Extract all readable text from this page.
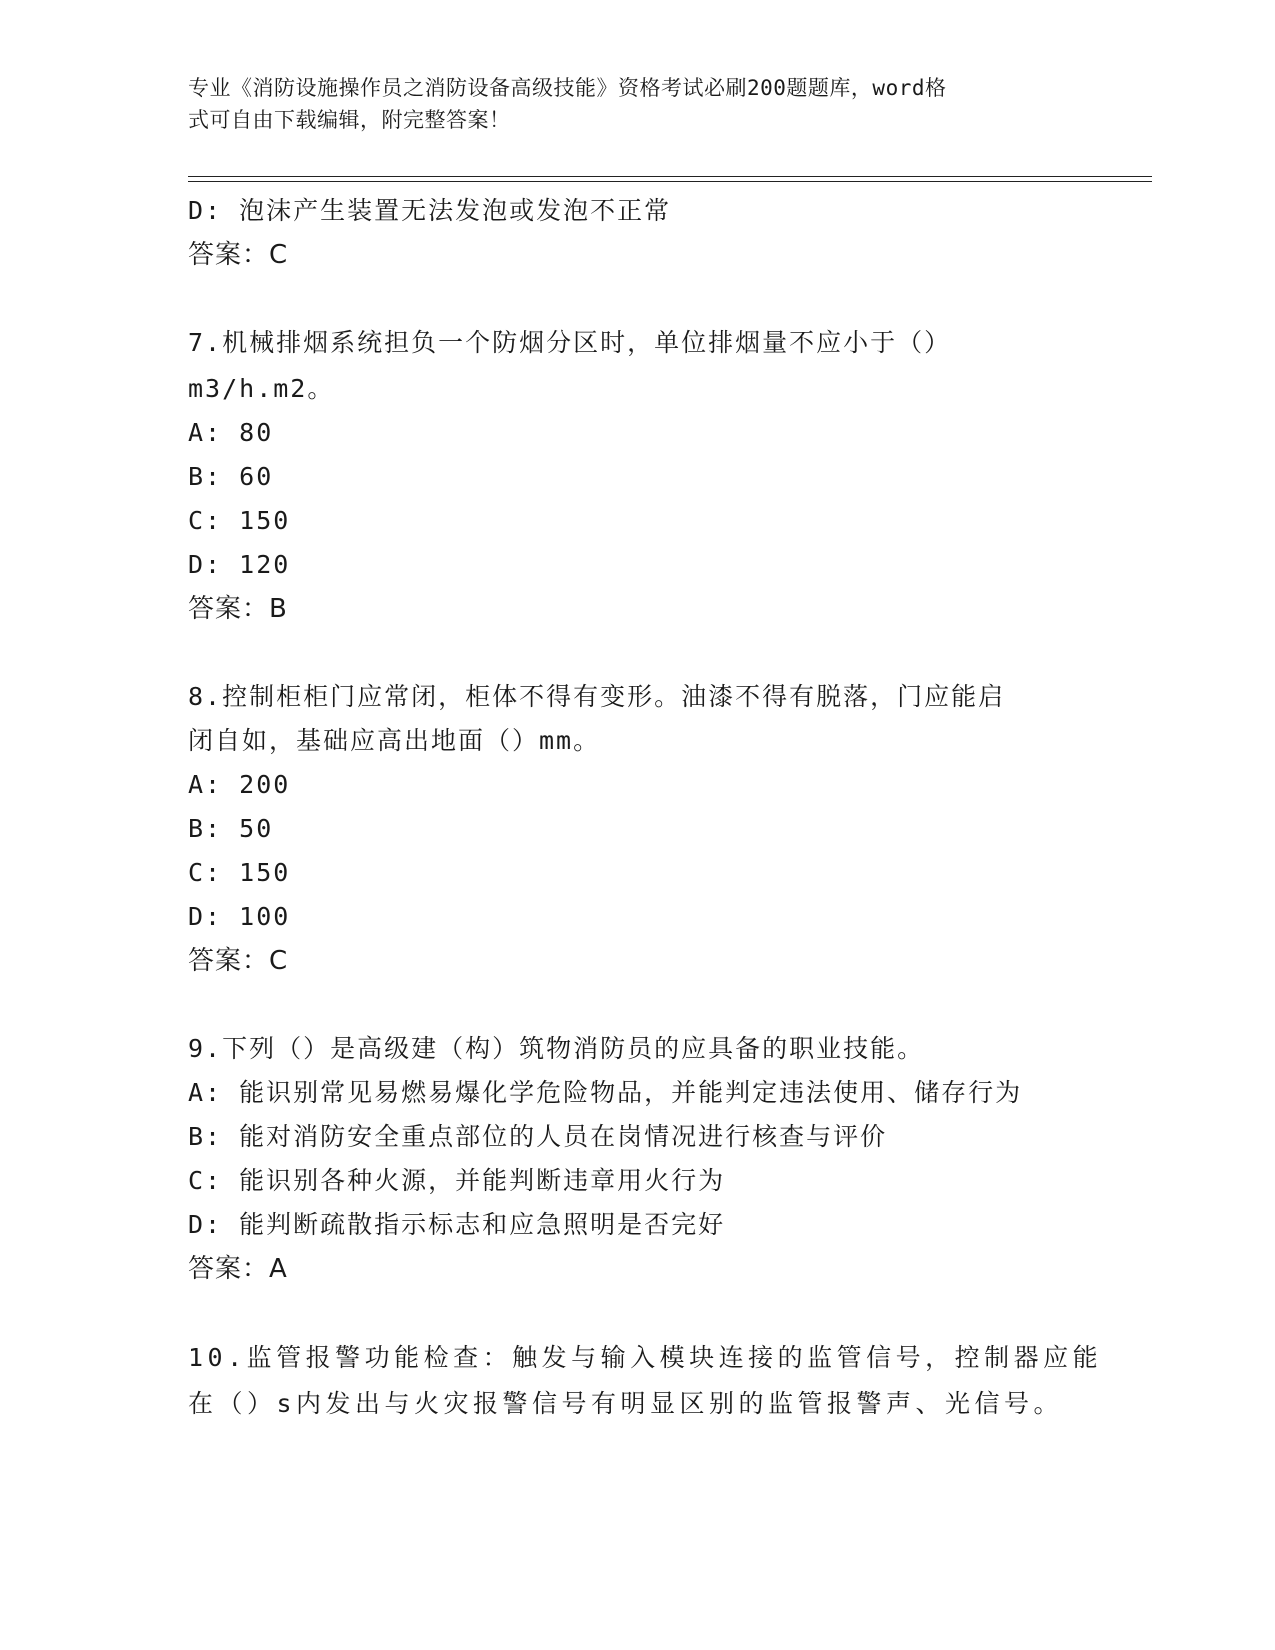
专业《消防设施操作员之消防设备高级技能》资格考试必刷200题题库，word格
式可自由下载编辑，附完整答案！
D: 泡沫产生装置无法发泡或发泡不正常
答案：C
7.机械排烟系统担负一个防烟分区时，单位排烟量不应小于（）
m3/h.m2。
A: 80
B: 60
C: 150
D: 120
答案：B
8.控制柜柜门应常闭，柜体不得有变形。油漆不得有脱落，门应能启
闭自如，基础应高出地面（）mm。
A: 200
B: 50
C: 150
D: 100
答案：C
9.下列（）是高级建（构）筑物消防员的应具备的职业技能。
A: 能识别常见易燃易爆化学危险物品，并能判定违法使用、储存行为
B: 能对消防安全重点部位的人员在岗情况进行核查与评价
C: 能识别各种火源，并能判断违章用火行为
D: 能判断疏散指示标志和应急照明是否完好
答案：A
10.监管报警功能检查：触发与输入模块连接的监管信号，控制器应能
在（）s内发出与火灾报警信号有明显区别的监管报警声、光信号。
